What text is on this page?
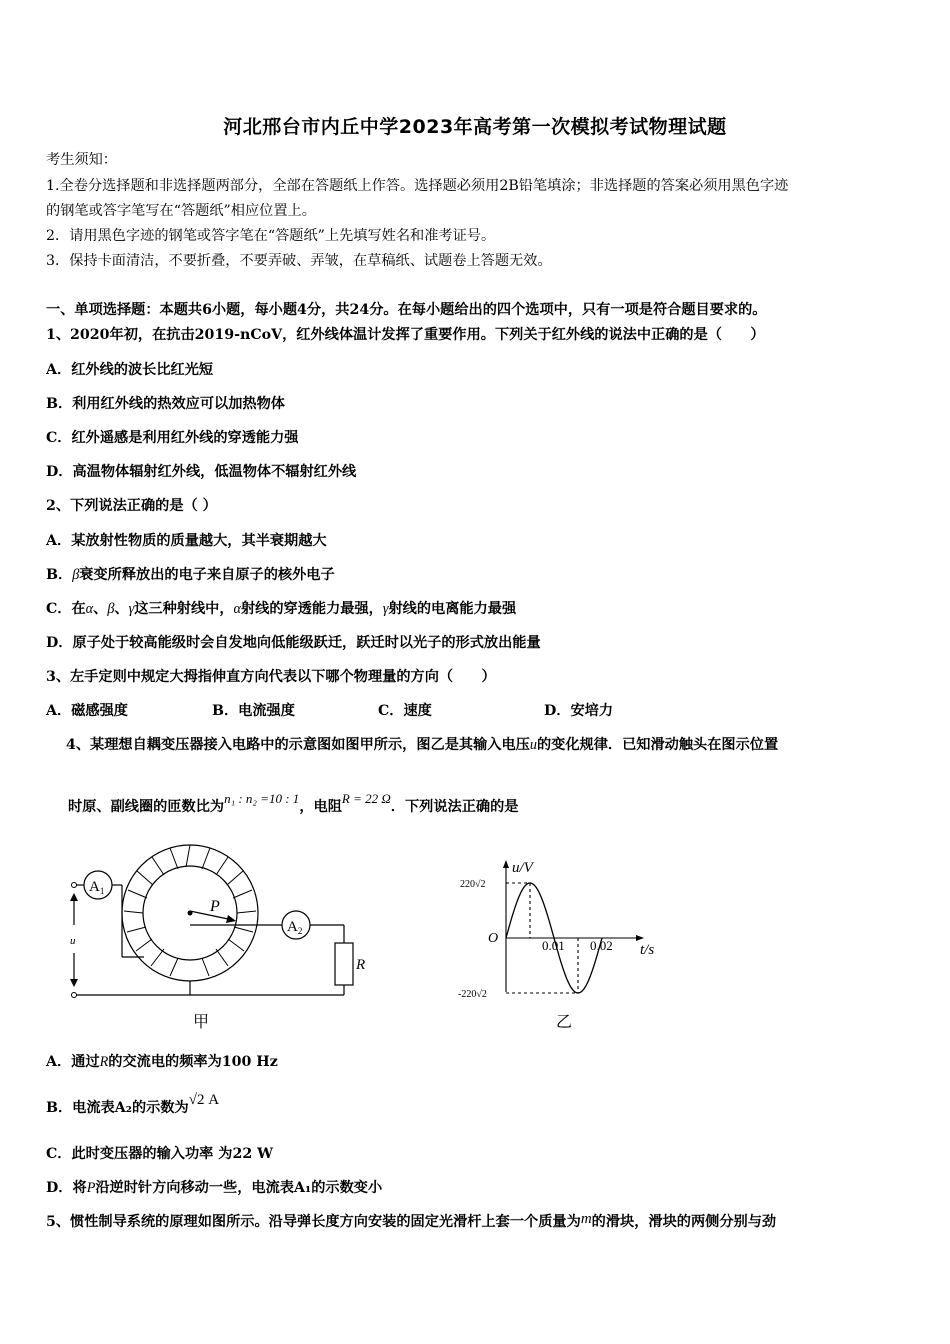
河北邢台市内丘中学2023年高考第一次模拟考试物理试题
考生须知：
1.全卷分选择题和非选择题两部分，全部在答题纸上作答。选择题必须用2B铅笔填涂；非选择题的答案必须用黑色字迹
的钢笔或答字笔写在“答题纸”相应位置上。
2．请用黑色字迹的钢笔或答字笔在“答题纸”上先填写姓名和准考证号。
3．保持卡面清洁，不要折叠，不要弄破、弄皱，在草稿纸、试题卷上答题无效。
一、单项选择题：本题共6小题，每小题4分，共24分。在每小题给出的四个选项中，只有一项是符合题目要求的。
1、2020年初，在抗击2019-nCoV，红外线体温计发挥了重要作用。下列关于红外线的说法中正确的是（　　）
A．红外线的波长比红光短
B．利用红外线的热效应可以加热物体
C．红外遥感是利用红外线的穿透能力强
D．高温物体辐射红外线，低温物体不辐射红外线
2、下列说法正确的是（ ）
A．某放射性物质的质量越大，其半衰期越大
B．β衰变所释放出的电子来自原子的核外电子
C．在α、β、γ这三种射线中，α射线的穿透能力最强，γ射线的电离能力最强
D．原子处于较高能级时会自发地向低能级跃迁，跃迁时以光子的形式放出能量
3、左手定则中规定大拇指伸直方向代表以下哪个物理量的方向（　　）
A．磁感强度	B．电流强度	C．速度	D．安培力
4、某理想自耦变压器接入电路中的示意图如图甲所示，图乙是其输入电压u的变化规律．已知滑动触头在图示位置
时原、副线圈的匝数比为n₁ : n₂ =10 : 1，电阻R = 22 Ω．下列说法正确的是
$A_1$
$A_2$
P
R
u
甲
u/V
t/s
O
220√2
-220√2
0.01 0.02
乙
A．通过R的交流电的频率为100 Hz
B．电流表A₂的示数为√2 A
C．此时变压器的输入功率 为22 W
D．将P沿逆时针方向移动一些，电流表A₁的示数变小
5、惯性制导系统的原理如图所示。沿导弹长度方向安装的固定光滑杆上套一个质量为m的滑块，滑块的两侧分别与劲
